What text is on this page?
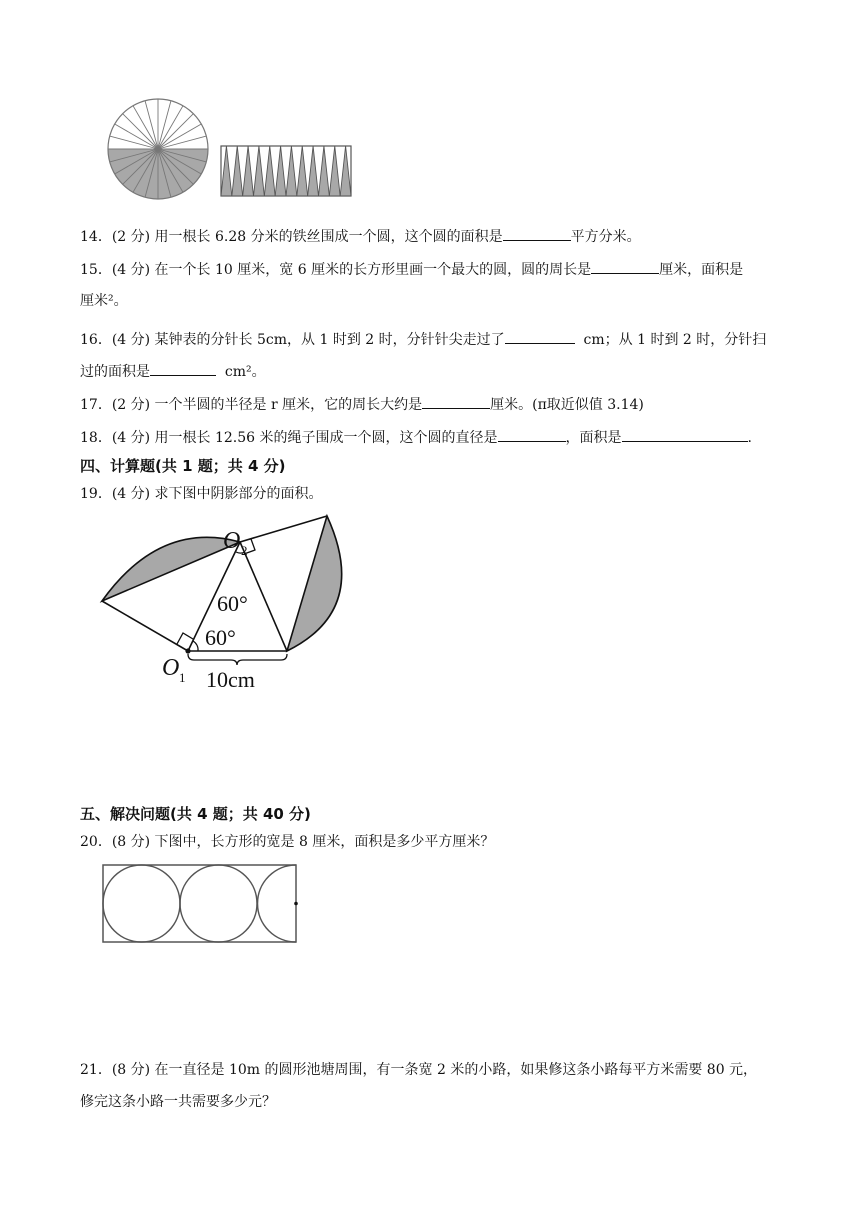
14．(2 分) 用一根长 6.28 分米的铁丝围成一个圆，这个圆的面积是	平方分米。
15．(4 分) 在一个长 10 厘米，宽 6 厘米的长方形里画一个最大的圆，圆的周长是	厘米，面积是
厘米²。
16．(4 分) 某钟表的分针长 5cm，从 1 时到 2 时，分针针尖走过了	cm；从 1 时到 2 时，分针扫
过的面积是	cm²。
17．(2 分) 一个半圆的半径是 r 厘米，它的周长大约是	厘米。(π取近似值 3.14)
18．(4 分) 用一根长 12.56 米的绳子围成一个圆，这个圆的直径是	，面积是	.
四、计算题(共 1 题；共 4 分)
19．(4 分) 求下图中阴影部分的面积。
O 2
60°
60°
O 1 10cm
五、解决问题(共 4 题；共 40 分)
20．(8 分) 下图中，长方形的宽是 8 厘米，面积是多少平方厘米？
21．(8 分) 在一直径是 10m 的圆形池塘周围，有一条宽 2 米的小路，如果修这条小路每平方米需要 80 元，
修完这条小路一共需要多少元？
